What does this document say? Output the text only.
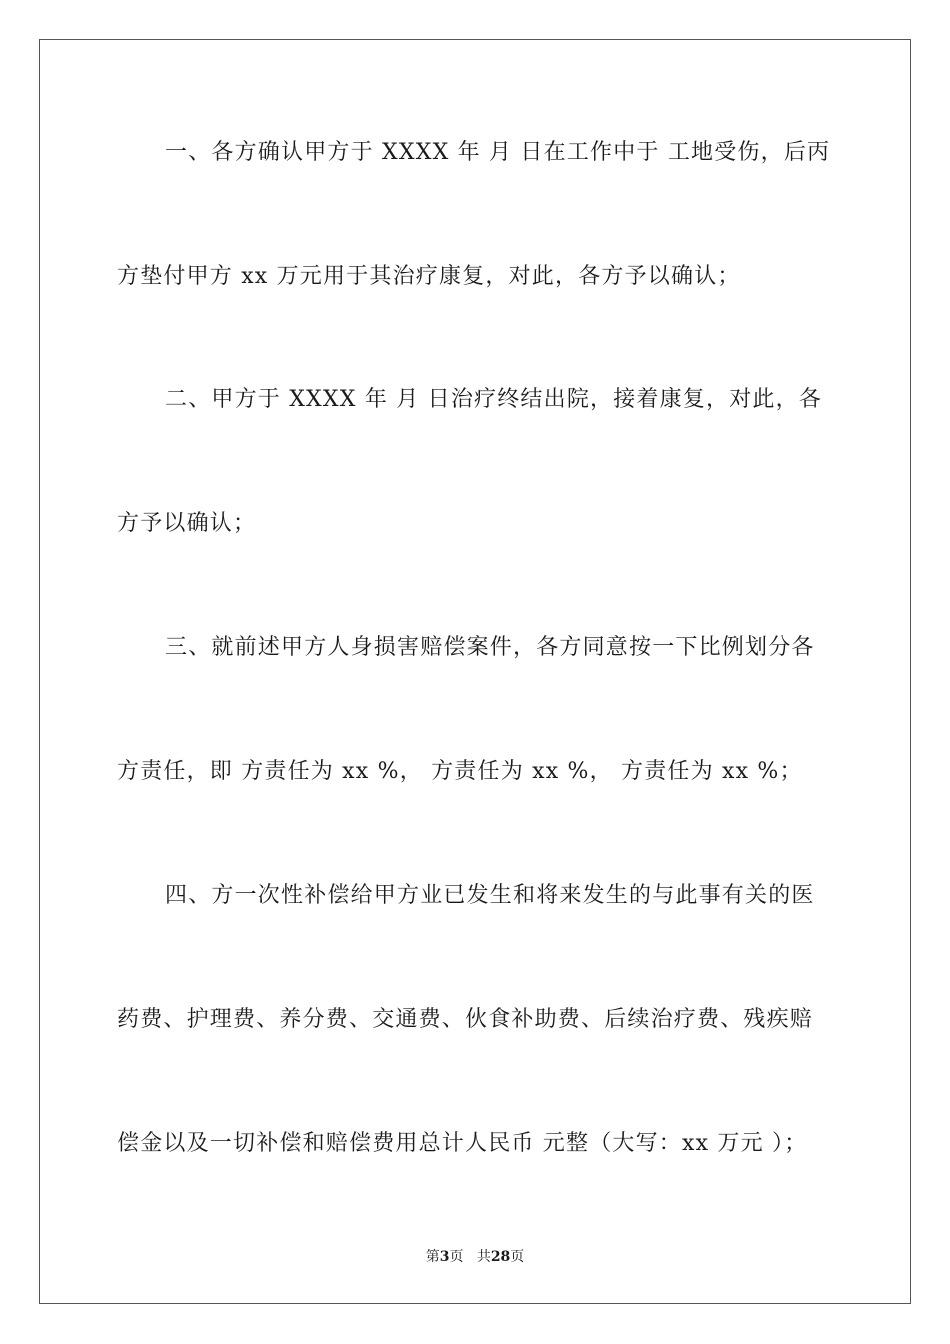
一、各方确认甲方于 XXXX 年 月 日在工作中于 工地受伤，后丙
方垫付甲方 xx 万元用于其治疗康复，对此，各方予以确认；
二、甲方于 XXXX 年 月 日治疗终结出院，接着康复，对此，各
方予以确认；
三、就前述甲方人身损害赔偿案件，各方同意按一下比例划分各
方责任，即 方责任为 xx %， 方责任为 xx %， 方责任为 xx %；
四、方一次性补偿给甲方业已发生和将来发生的与此事有关的医
药费、护理费、养分费、交通费、伙食补助费、后续治疗费、残疾赔
偿金以及一切补偿和赔偿费用总计人民币 元整（大写：xx 万元 ）；
第3页 共28页
